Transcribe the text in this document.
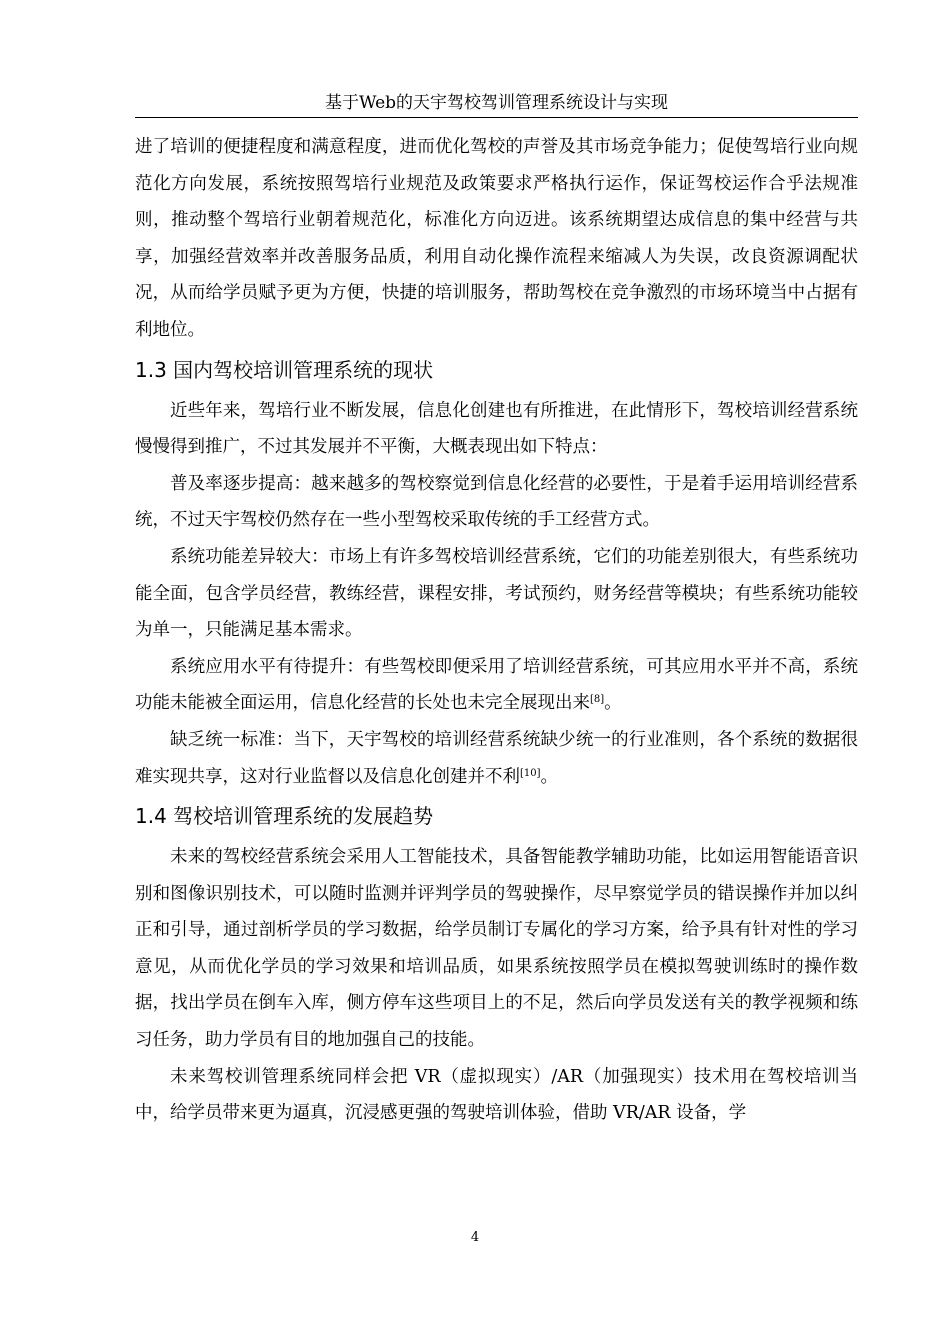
基于Web的天宇驾校驾训管理系统设计与实现

进了培训的便捷程度和满意程度，进而优化驾校的声誉及其市场竞争能力；促使驾培行业向规范化方向发展，系统按照驾培行业规范及政策要求严格执行运作，保证驾校运作合乎法规准则，推动整个驾培行业朝着规范化，标准化方向迈进。该系统期望达成信息的集中经营与共享，加强经营效率并改善服务品质，利用自动化操作流程来缩减人为失误，改良资源调配状况，从而给学员赋予更为方便，快捷的培训服务，帮助驾校在竞争激烈的市场环境当中占据有利地位。

1.3 国内驾校培训管理系统的现状

近些年来，驾培行业不断发展，信息化创建也有所推进，在此情形下，驾校培训经营系统慢慢得到推广，不过其发展并不平衡，大概表现出如下特点：

普及率逐步提高：越来越多的驾校察觉到信息化经营的必要性，于是着手运用培训经营系统，不过天宇驾校仍然存在一些小型驾校采取传统的手工经营方式。

系统功能差异较大：市场上有许多驾校培训经营系统，它们的功能差别很大，有些系统功能全面，包含学员经营，教练经营，课程安排，考试预约，财务经营等模块；有些系统功能较为单一，只能满足基本需求。

系统应用水平有待提升：有些驾校即便采用了培训经营系统，可其应用水平并不高，系统功能未能被全面运用，信息化经营的长处也未完全展现出来[8]。

缺乏统一标准：当下，天宇驾校的培训经营系统缺少统一的行业准则，各个系统的数据很难实现共享，这对行业监督以及信息化创建并不利[10]。

1.4 驾校培训管理系统的发展趋势

未来的驾校经营系统会采用人工智能技术，具备智能教学辅助功能，比如运用智能语音识别和图像识别技术，可以随时监测并评判学员的驾驶操作，尽早察觉学员的错误操作并加以纠正和引导，通过剖析学员的学习数据，给学员制订专属化的学习方案，给予具有针对性的学习意见，从而优化学员的学习效果和培训品质，如果系统按照学员在模拟驾驶训练时的操作数据，找出学员在倒车入库，侧方停车这些项目上的不足，然后向学员发送有关的教学视频和练习任务，助力学员有目的地加强自己的技能。

未来驾校训管理系统同样会把 VR（虚拟现实）/AR（加强现实）技术用在驾校培训当中，给学员带来更为逼真，沉浸感更强的驾驶培训体验，借助 VR/AR 设备，学

4
